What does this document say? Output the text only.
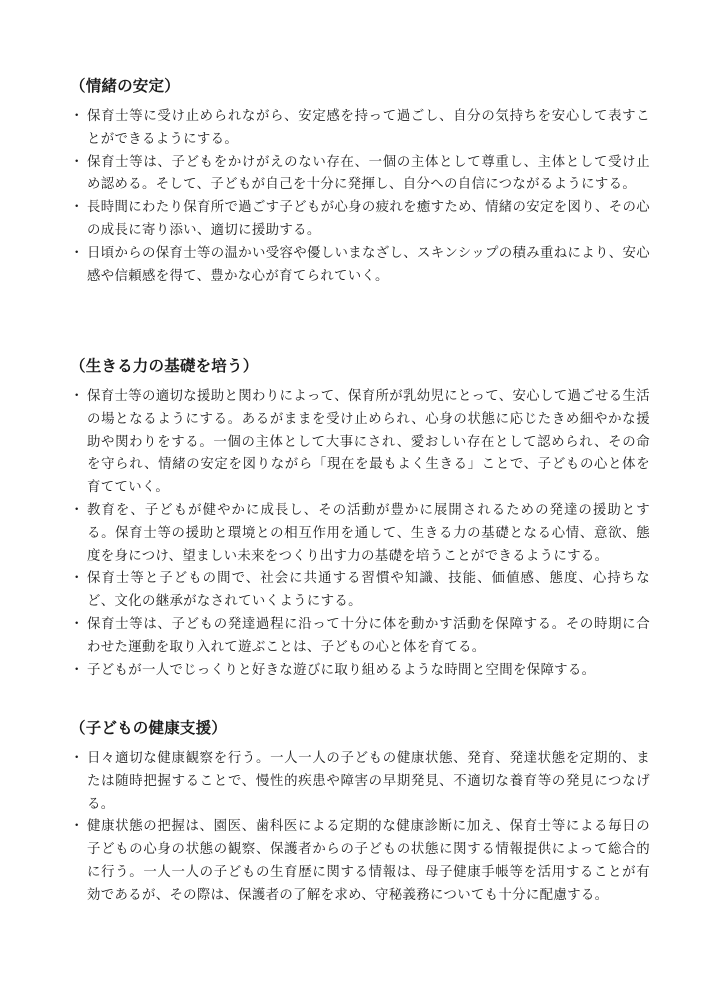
（情緒の安定）
・ 保育士等に受け止められながら、安定感を持って過ごし、自分の気持ちを安心して表すことができるようにする。
・ 保育士等は、子どもをかけがえのない存在、一個の主体として尊重し、主体として受け止め認める。そして、子どもが自己を十分に発揮し、自分への自信につながるようにする。
・ 長時間にわたり保育所で過ごす子どもが心身の疲れを癒すため、情緒の安定を図り、その心の成長に寄り添い、適切に援助する。
・ 日頃からの保育士等の温かい受容や優しいまなざし、スキンシップの積み重ねにより、安心感や信頼感を得て、豊かな心が育てられていく。
（生きる力の基礎を培う）
・ 保育士等の適切な援助と関わりによって、保育所が乳幼児にとって、安心して過ごせる生活の場となるようにする。あるがままを受け止められ、心身の状態に応じたきめ細やかな援助や関わりをする。一個の主体として大事にされ、愛おしい存在として認められ、その命を守られ、情緒の安定を図りながら「現在を最もよく生きる」ことで、子どもの心と体を育てていく。
・ 教育を、子どもが健やかに成長し、その活動が豊かに展開されるための発達の援助とする。保育士等の援助と環境との相互作用を通して、生きる力の基礎となる心情、意欲、態度を身につけ、望ましい未来をつくり出す力の基礎を培うことができるようにする。
・ 保育士等と子どもの間で、社会に共通する習慣や知識、技能、価値感、態度、心持ちなど、文化の継承がなされていくようにする。
・ 保育士等は、子どもの発達過程に沿って十分に体を動かす活動を保障する。その時期に合わせた運動を取り入れて遊ぶことは、子どもの心と体を育てる。
・ 子どもが一人でじっくりと好きな遊びに取り組めるような時間と空間を保障する。
（子どもの健康支援）
・ 日々適切な健康観察を行う。一人一人の子どもの健康状態、発育、発達状態を定期的、または随時把握することで、慢性的疾患や障害の早期発見、不適切な養育等の発見につなげる。
・ 健康状態の把握は、園医、歯科医による定期的な健康診断に加え、保育士等による毎日の子どもの心身の状態の観察、保護者からの子どもの状態に関する情報提供によって総合的に行う。一人一人の子どもの生育歴に関する情報は、母子健康手帳等を活用することが有効であるが、その際は、保護者の了解を求め、守秘義務についても十分に配慮する。
